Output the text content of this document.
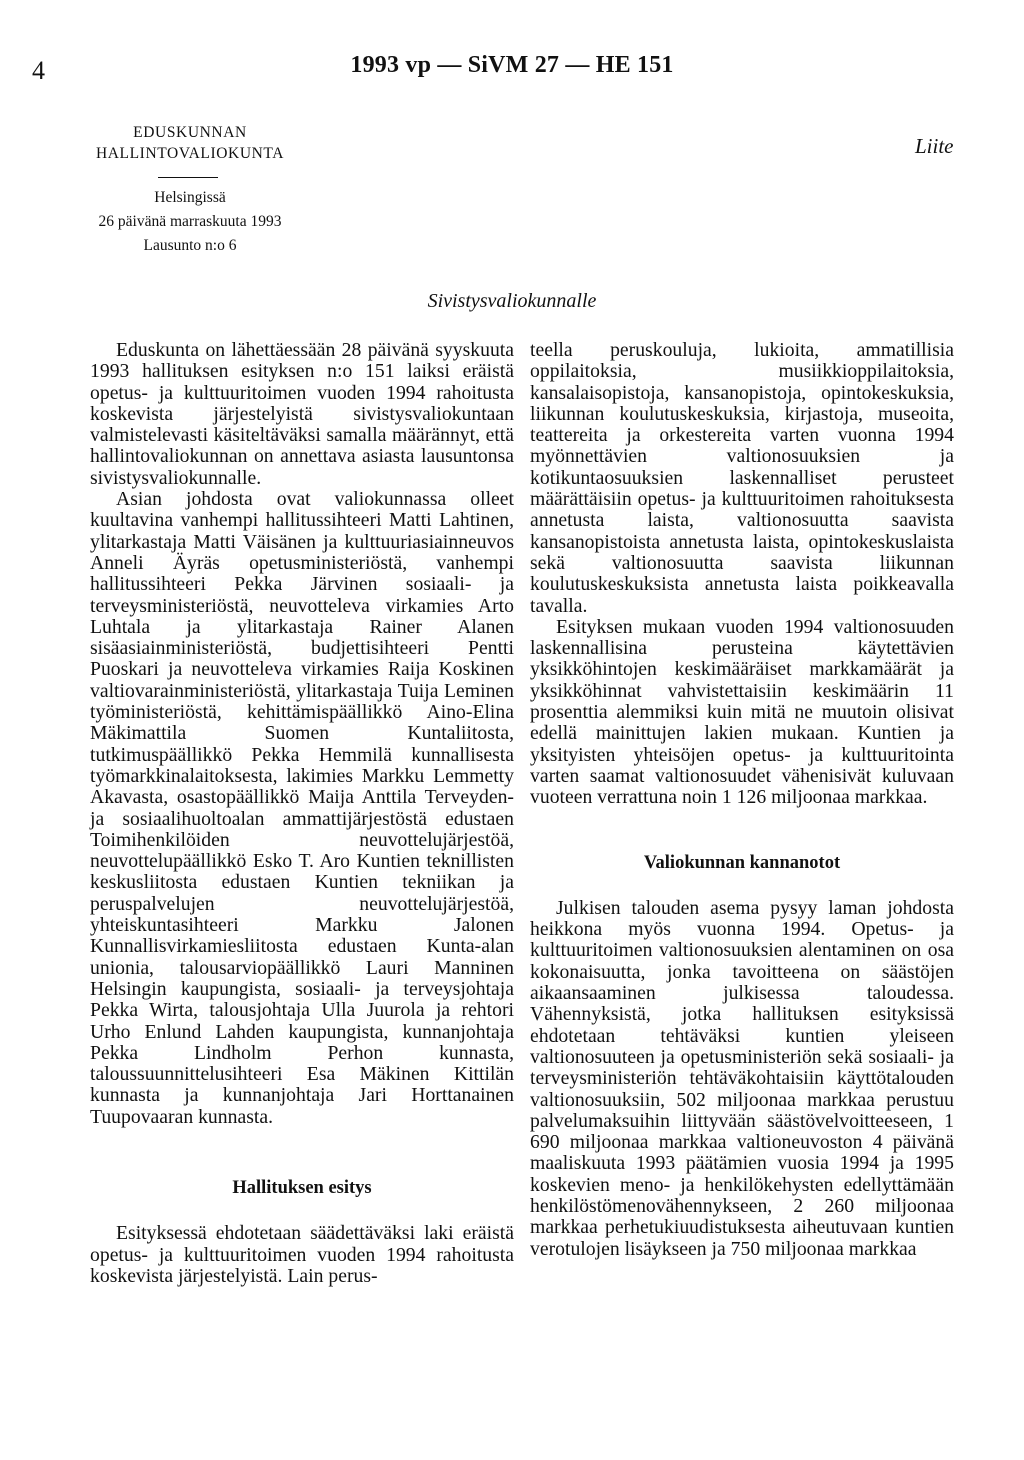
4	1993 vp — SiVM 27 — HE 151
EDUSKUNNAN
HALLINTOVALIOKUNTA	Liite
Helsingissä
26 päivänä marraskuuta 1993
Lausunto n:o 6
Sivistysvaliokunnalle

Eduskunta on lähettäessään 28 päivänä syyskuuta 1993 hallituksen esityksen n:o 151 laiksi eräistä opetus- ja kulttuuritoimen vuoden 1994 rahoitusta koskevista järjestelyistä sivistysvaliokuntaan valmistelevasti käsiteltäväksi samalla määrännyt, että hallintovaliokunnan on annettava asiasta lausuntonsa sivistysvaliokunnalle.

Asian johdosta ovat valiokunnassa olleet kuultavina vanhempi hallitussihteeri Matti Lahtinen, ylitarkastaja Matti Väisänen ja kulttuuriasiainneuvos Anneli Äyräs opetusministeriöstä, vanhempi hallitussihteeri Pekka Järvinen sosiaali- ja terveysministeriöstä, neuvotteleva virkamies Arto Luhtala ja ylitarkastaja Rainer Alanen sisäasiainministeriöstä, budjettisihteeri Pentti Puoskari ja neuvotteleva virkamies Raija Koskinen valtiovarainministeriöstä, ylitarkastaja Tuija Leminen työministeriöstä, kehittämispäällikkö Aino-Elina Mäkimattila Suomen Kuntaliitosta, tutkimuspäällikkö Pekka Hemmilä kunnallisesta työmarkkinalaitoksesta, lakimies Markku Lemmetty Akavasta, osastopäällikkö Maija Anttila Terveyden- ja sosiaalihuoltoalan ammattijärjestöstä edustaen Toimihenkilöiden neuvottelujärjestöä, neuvottelupäällikkö Esko T. Aro Kuntien teknillisten keskusliitosta edustaen Kuntien tekniikan ja peruspalvelujen neuvottelujärjestöä, yhteiskuntasihteeri Markku Jalonen Kunnallisvirkamiesliitosta edustaen Kunta-alan unionia, talousarviopäällikkö Lauri Manninen Helsingin kaupungista, sosiaali- ja terveysjohtaja Pekka Wirta, talousjohtaja Ulla Juurola ja rehtori Urho Enlund Lahden kaupungista, kunnanjohtaja Pekka Lindholm Perhon kunnasta, taloussuunnittelusihteeri Esa Mäkinen Kittilän kunnasta ja kunnanjohtaja Jari Horttanainen Tuupovaaran kunnasta.

Hallituksen esitys

Esityksessä ehdotetaan säädettäväksi laki eräistä opetus- ja kulttuuritoimen vuoden 1994 rahoitusta koskevista järjestelyistä. Lain perus-

teella peruskouluja, lukioita, ammatillisia oppilaitoksia, musiikkioppilaitoksia, kansalaisopistoja, kansanopistoja, opintokeskuksia, liikunnan koulutuskeskuksia, kirjastoja, museoita, teattereita ja orkestereita varten vuonna 1994 myönnettävien valtionosuuksien ja kotikuntaosuuksien laskennalliset perusteet määrättäisiin opetus- ja kulttuuritoimen rahoituksesta annetusta laista, valtionosuutta saavista kansanopistoista annetusta laista, opintokeskuslaista sekä valtionosuutta saavista liikunnan koulutuskeskuksista annetusta laista poikkeavalla tavalla.

Esityksen mukaan vuoden 1994 valtionosuuden laskennallisina perusteina käytettävien yksikköhintojen keskimääräiset markkamäärät ja yksikköhinnat vahvistettaisiin keskimäärin 11 prosenttia alemmiksi kuin mitä ne muutoin olisivat edellä mainittujen lakien mukaan. Kuntien ja yksityisten yhteisöjen opetus- ja kulttuuritointa varten saamat valtionosuudet vähenisivät kuluvaan vuoteen verrattuna noin 1 126 miljoonaa markkaa.

Valiokunnan kannanotot

Julkisen talouden asema pysyy laman johdosta heikkona myös vuonna 1994. Opetus- ja kulttuuritoimen valtionosuuksien alentaminen on osa kokonaisuutta, jonka tavoitteena on säästöjen aikaansaaminen julkisessa taloudessa. Vähennyksistä, jotka hallituksen esityksissä ehdotetaan tehtäväksi kuntien yleiseen valtionosuuteen ja opetusministeriön sekä sosiaali- ja terveysministeriön tehtäväkohtaisiin käyttötalouden valtionosuuksiin, 502 miljoonaa markkaa perustuu palvelumaksuihin liittyvään säästövelvoitteeseen, 1 690 miljoonaa markkaa valtioneuvoston 4 päivänä maaliskuuta 1993 päätämien vuosia 1994 ja 1995 koskevien meno- ja henkilökehysten edellyttämään henkilöstömenovähennykseen, 2 260 miljoonaa markkaa perhetukiuudistuksesta aiheutuvaan kuntien verotulojen lisäykseen ja 750 miljoonaa markkaa
